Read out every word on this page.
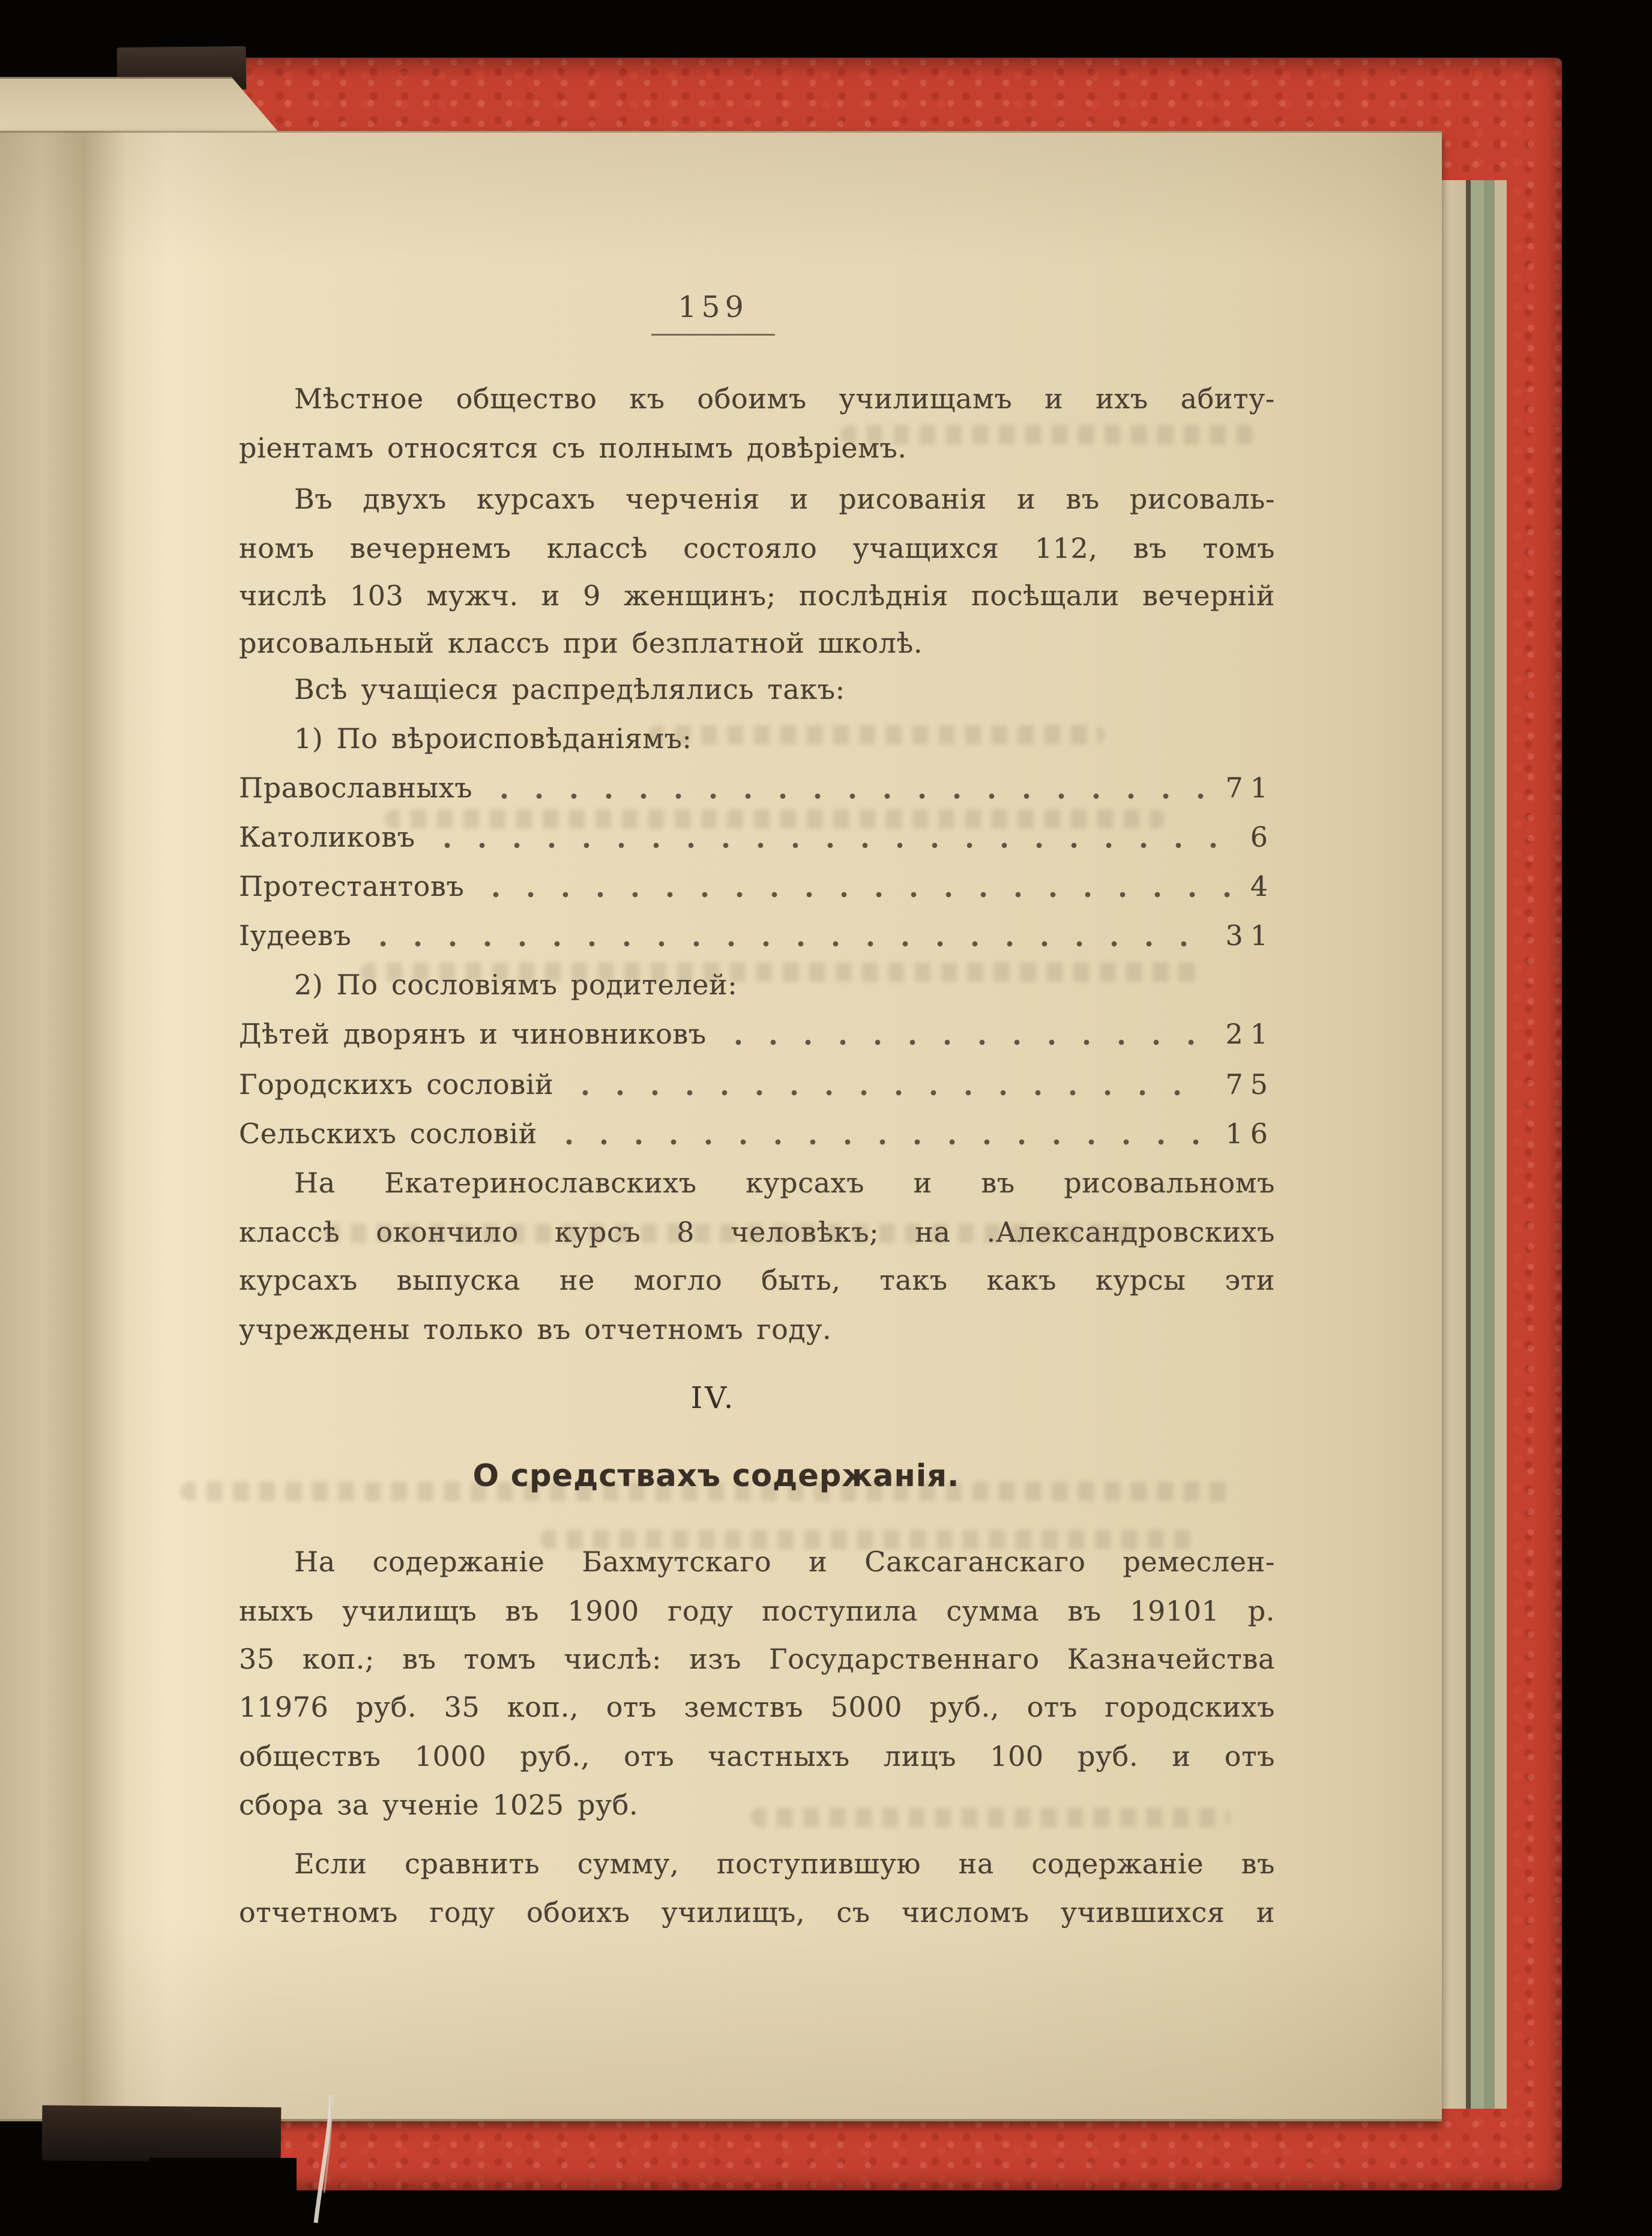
159
Мѣстное общество къ обоимъ училищамъ и ихъ абиту-
ріентамъ относятся съ полнымъ довѣріемъ.
Въ двухъ курсахъ черченія и рисованія и въ рисоваль-
номъ вечернемъ классѣ состояло учащихся 112, въ томъ
числѣ 103 мужч. и 9 женщинъ; послѣднія посѣщали вечерній
рисовальный классъ при безплатной школѣ.
Всѣ учащіеся распредѣлялись такъ:
1) По вѣроисповѣданіямъ:
Православныхъ	71
Католиковъ	6
Протестантовъ	4
Іудеевъ	31
2) По сословіямъ родителей:
Дѣтей дворянъ и чиновниковъ	21
Городскихъ сословій	75
Сельскихъ сословій	16
На Екатеринославскихъ курсахъ и въ рисовальномъ
классѣ окончило курсъ 8 человѣкъ; на .Александровскихъ
курсахъ выпуска не могло быть, такъ какъ курсы эти
учреждены только въ отчетномъ году.
IV.
О средствахъ содержанія.
На содержаніе Бахмутскаго и Саксаганскаго ремеслен-
ныхъ училищъ въ 1900 году поступила сумма въ 19101 р.
35 коп.; въ томъ числѣ: изъ Государственнаго Казначейства
11976 руб. 35 коп., отъ земствъ 5000 руб., отъ городскихъ
обществъ 1000 руб., отъ частныхъ лицъ 100 руб. и отъ
сбора за ученіе 1025 руб.
Если сравнить сумму, поступившую на содержаніе въ
отчетномъ году обоихъ училищъ, съ числомъ учившихся и
